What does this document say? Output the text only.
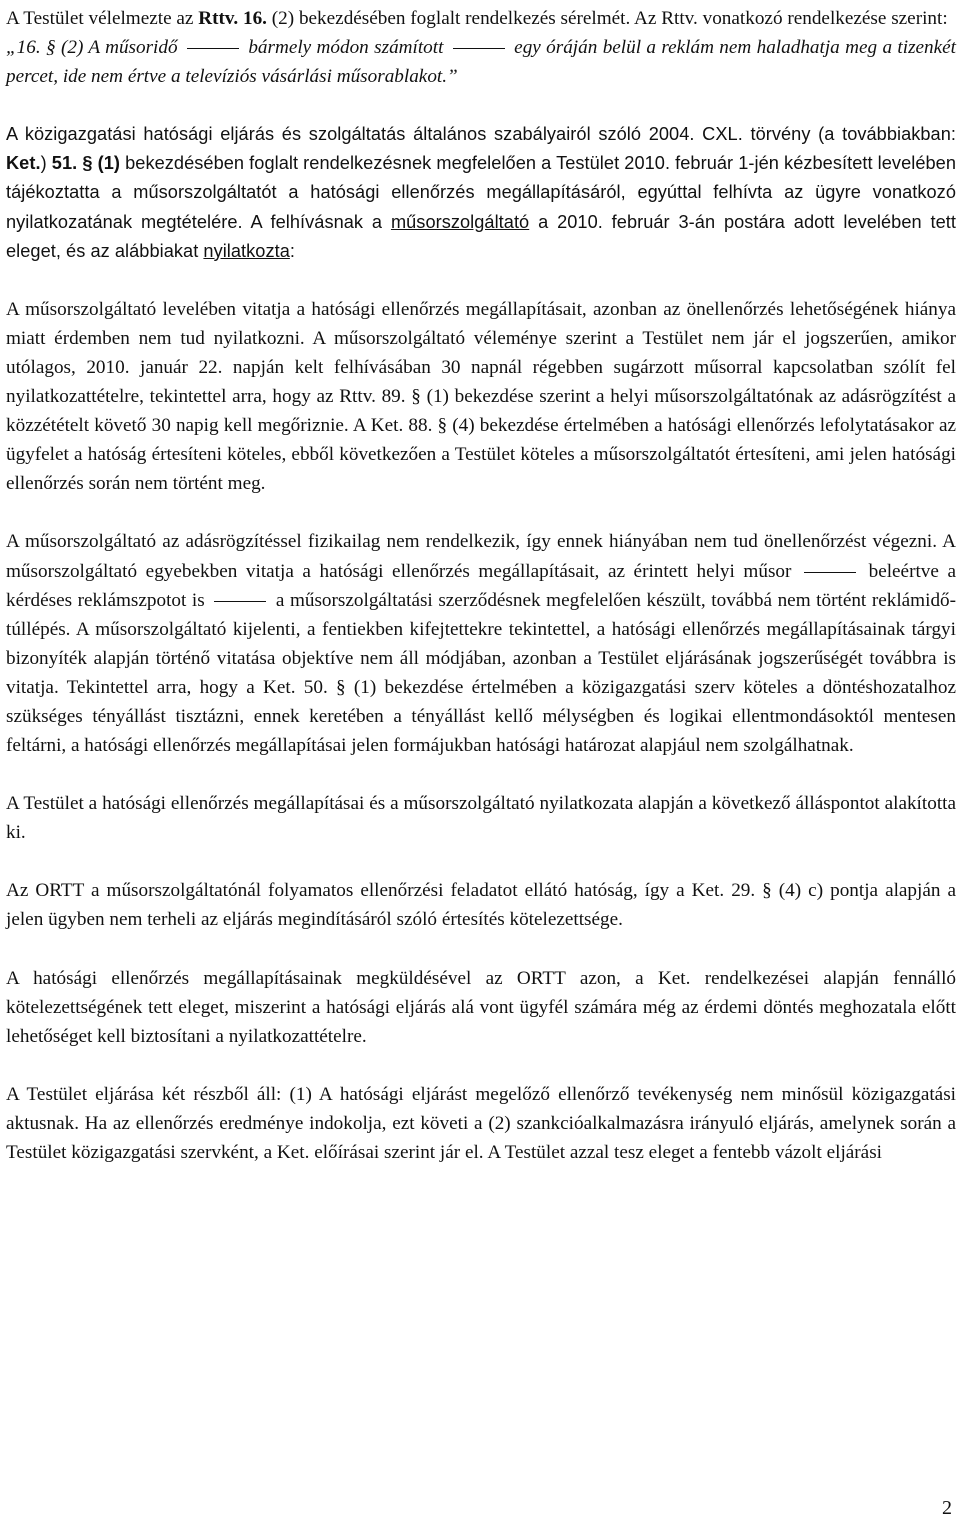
A Testület vélelmezte az Rttv. 16. (2) bekezdésében foglalt rendelkezés sérelmét. Az Rttv. vonatkozó rendelkezése szerint:

„16. § (2) A műsoridő	bármely módon számított	egy óráján belül a reklám nem haladhatja meg a tizenkét percet, ide nem értve a televíziós vásárlási műsorablakot.”

A közigazgatási hatósági eljárás és szolgáltatás általános szabályairól szóló 2004. CXL. törvény (a továbbiakban: Ket.) 51. § (1) bekezdésében foglalt rendelkezésnek megfelelően a Testület 2010. február 1-jén kézbesített levelében tájékoztatta a műsorszolgáltatót a hatósági ellenőrzés megállapításáról, egyúttal felhívta az ügyre vonatkozó nyilatkozatának megtételére. A felhívásnak a műsorszolgáltató a 2010. február 3-án postára adott levelében tett eleget, és az alábbiakat nyilatkozta:

A műsorszolgáltató levelében vitatja a hatósági ellenőrzés megállapításait, azonban az önellenőrzés lehetőségének hiánya miatt érdemben nem tud nyilatkozni. A műsorszolgáltató véleménye szerint a Testület nem jár el jogszerűen, amikor utólagos, 2010. január 22. napján kelt felhívásában 30 napnál régebben sugárzott műsorral kapcsolatban szólít fel nyilatkozattételre, tekintettel arra, hogy az Rttv. 89. § (1) bekezdése szerint a helyi műsorszolgáltatónak az adásrögzítést a közzétételt követő 30 napig kell megőriznie. A Ket. 88. § (4) bekezdése értelmében a hatósági ellenőrzés lefolytatásakor az ügyfelet a hatóság értesíteni köteles, ebből következően a Testület köteles a műsorszolgáltatót értesíteni, ami jelen hatósági ellenőrzés során nem történt meg.

A műsorszolgáltató az adásrögzítéssel fizikailag nem rendelkezik, így ennek hiányában nem tud önellenőrzést végezni. A műsorszolgáltató egyebekben vitatja a hatósági ellenőrzés megállapításait, az érintett helyi műsor	beleértve a kérdéses reklámszpotot is	a műsorszolgáltatási szerződésnek megfelelően készült, továbbá nem történt reklámidő-túllépés. A műsorszolgáltató kijelenti, a fentiekben kifejtettekre tekintettel, a hatósági ellenőrzés megállapításainak tárgyi bizonyíték alapján történő vitatása objektíve nem áll módjában, azonban a Testület eljárásának jogszerűségét továbbra is vitatja. Tekintettel arra, hogy a Ket. 50. § (1) bekezdése értelmében a közigazgatási szerv köteles a döntéshozatalhoz szükséges tényállást tisztázni, ennek keretében a tényállást kellő mélységben és logikai ellentmondásoktól mentesen feltárni, a hatósági ellenőrzés megállapításai jelen formájukban hatósági határozat alapjául nem szolgálhatnak.

A Testület a hatósági ellenőrzés megállapításai és a műsorszolgáltató nyilatkozata alapján a következő álláspontot alakította ki.

Az ORTT a műsorszolgáltatónál folyamatos ellenőrzési feladatot ellátó hatóság, így a Ket. 29. § (4) c) pontja alapján a jelen ügyben nem terheli az eljárás megindításáról szóló értesítés kötelezettsége.

A hatósági ellenőrzés megállapításainak megküldésével az ORTT azon, a Ket. rendelkezései alapján fennálló kötelezettségének tett eleget, miszerint a hatósági eljárás alá vont ügyfél számára még az érdemi döntés meghozatala előtt lehetőséget kell biztosítani a nyilatkozattételre.

A Testület eljárása két részből áll: (1) A hatósági eljárást megelőző ellenőrző tevékenység nem minősül közigazgatási aktusnak. Ha az ellenőrzés eredménye indokolja, ezt követi a (2) szankcióalkalmazásra irányuló eljárás, amelynek során a Testület közigazgatási szervként, a Ket. előírásai szerint jár el. A Testület azzal tesz eleget a fentebb vázolt eljárási

2
